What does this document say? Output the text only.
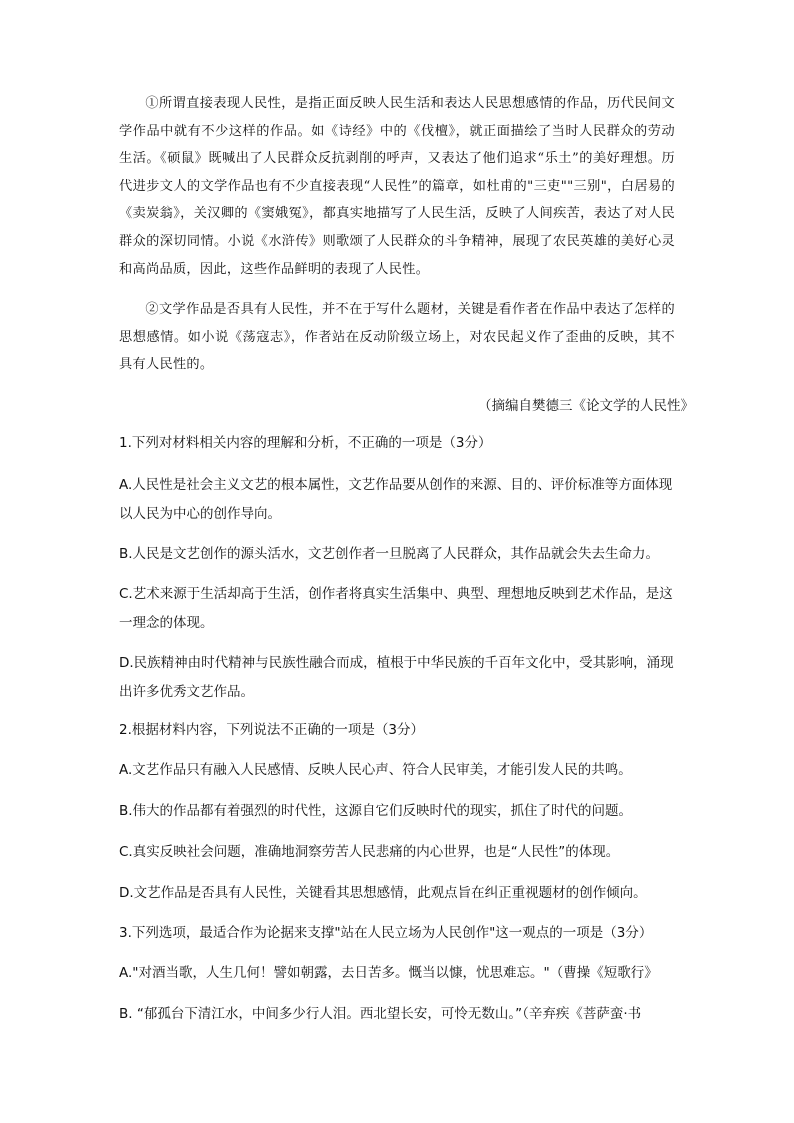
①所谓直接表现人民性，是指正面反映人民生活和表达人民思想感情的作品，历代民间文学作品中就有不少这样的作品。如《诗经》中的《伐檀》，就正面描绘了当时人民群众的劳动生活。《硕鼠》既喊出了人民群众反抗剥削的呼声，又表达了他们追求“乐土”的美好理想。历代进步文人的文学作品也有不少直接表现“人民性”的篇章，如杜甫的"三吏""三别"，白居易的《卖炭翁》，关汉卿的《窦娥冤》，都真实地描写了人民生活，反映了人间疾苦，表达了对人民群众的深切同情。小说《水浒传》则歌颂了人民群众的斗争精神，展现了农民英雄的美好心灵和高尚品质，因此，这些作品鲜明的表现了人民性。

②文学作品是否具有人民性，并不在于写什么题材，关键是看作者在作品中表达了怎样的思想感情。如小说《荡寇志》，作者站在反动阶级立场上，对农民起义作了歪曲的反映，其不具有人民性的。

（摘编自樊德三《论文学的人民性》

1.下列对材料相关内容的理解和分析，不正确的一项是（3分）

A.人民性是社会主义文艺的根本属性，文艺作品要从创作的来源、目的、评价标准等方面体现以人民为中心的创作导向。

B.人民是文艺创作的源头活水，文艺创作者一旦脱离了人民群众，其作品就会失去生命力。

C.艺术来源于生活却高于生活，创作者将真实生活集中、典型、理想地反映到艺术作品，是这一理念的体现。

D.民族精神由时代精神与民族性融合而成，植根于中华民族的千百年文化中，受其影响，涌现出许多优秀文艺作品。

2.根据材料内容，下列说法不正确的一项是（3分）

A.文艺作品只有融入人民感情、反映人民心声、符合人民审美，才能引发人民的共鸣。

B.伟大的作品都有着强烈的时代性，这源自它们反映时代的现实，抓住了时代的问题。

C.真实反映社会问题，准确地洞察劳苦人民悲痛的内心世界，也是“人民性”的体现。

D.文艺作品是否具有人民性，关键看其思想感情，此观点旨在纠正重视题材的创作倾向。

3.下列选项，最适合作为论据来支撑"站在人民立场为人民创作"这一观点的一项是（3分）

A."对酒当歌，人生几何！譬如朝露，去日苦多。慨当以慷，忧思难忘。"（曹操《短歌行》

B. “郁孤台下清江水，中间多少行人泪。西北望长安，可怜无数山。”（辛弃疾《菩萨蛮·书
